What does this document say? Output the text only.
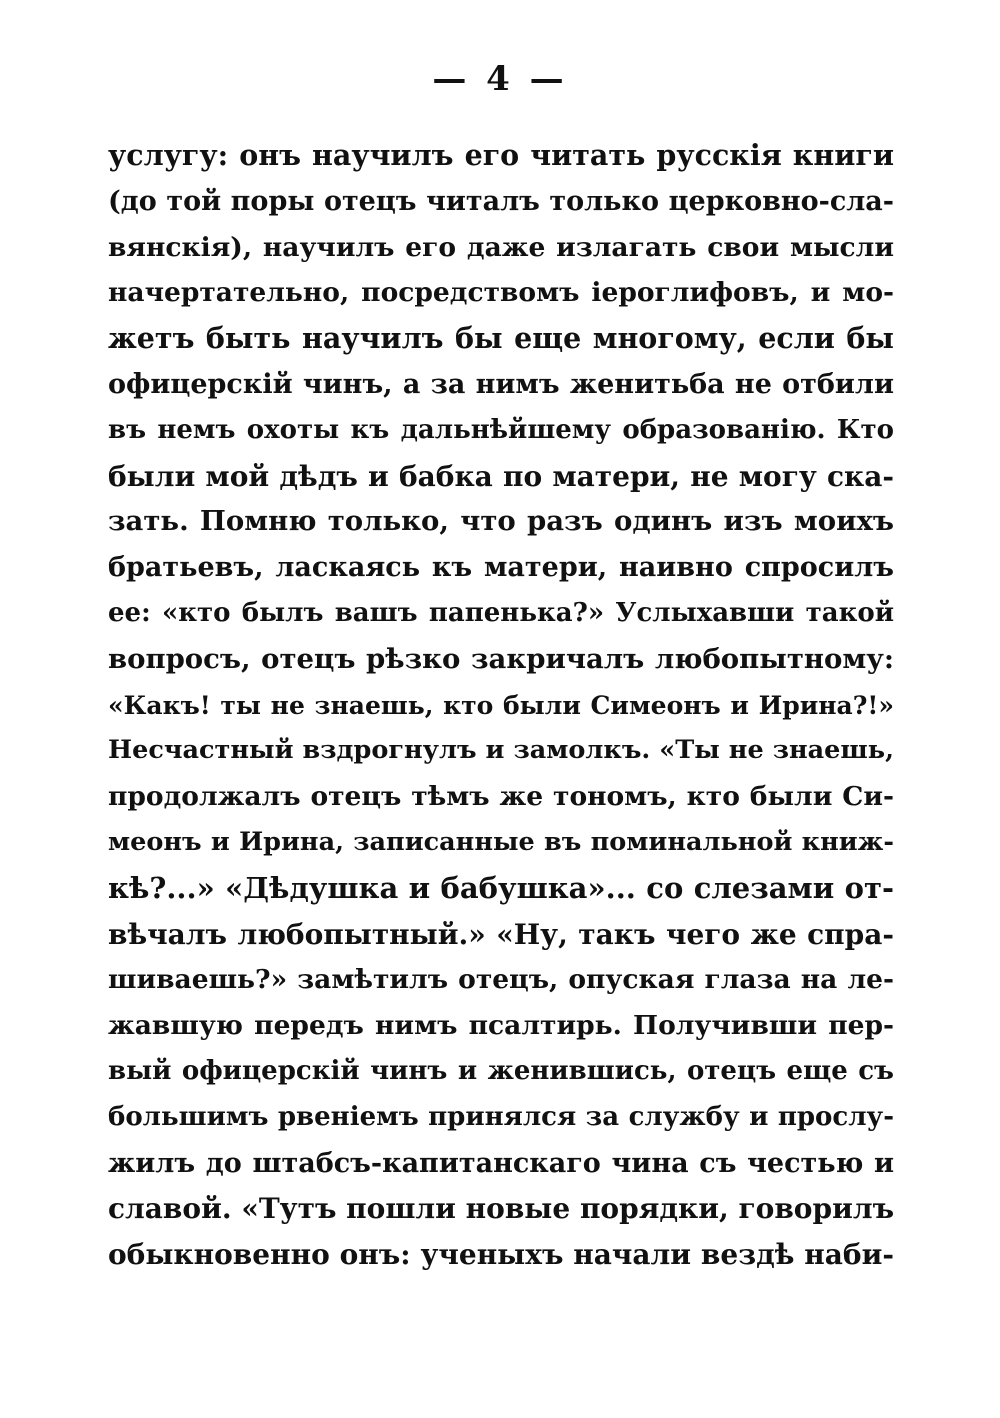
— 4 —
услугу: онъ научилъ его читать русскія книги
(до той поры отецъ читалъ только церковно-сла-
вянскія), научилъ его даже излагать свои мысли
начертательно, посредствомъ іероглифовъ, и мо-
жетъ быть научилъ бы еще многому, если бы
офицерскій чинъ, а за нимъ женитьба не отбили
въ немъ охоты къ дальнѣйшему образованію. Кто
были мой дѣдъ и бабка по матери, не могу ска-
зать. Помню только, что разъ одинъ изъ моихъ
братьевъ, ласкаясь къ матери, наивно спросилъ
ее: «кто былъ вашъ папенька?» Услыхавши такой
вопросъ, отецъ рѣзко закричалъ любопытному:
«Какъ! ты не знаешь, кто были Симеонъ и Ирина?!»
Несчастный вздрогнулъ и замолкъ. «Ты не знаешь,
продолжалъ отецъ тѣмъ же тономъ, кто были Си-
меонъ и Ирина, записанные въ поминальной книж-
кѣ?...» «Дѣдушка и бабушка»... со слезами от-
вѣчалъ любопытный.» «Ну, такъ чего же спра-
шиваешь?» замѣтилъ отецъ, опуская глаза на ле-
жавшую передъ нимъ псалтирь. Получивши пер-
вый офицерскій чинъ и женившись, отецъ еще съ
большимъ рвеніемъ принялся за службу и прослу-
жилъ до штабсъ-капитанскаго чина съ честью и
славой. «Тутъ пошли новые порядки, говорилъ
обыкновенно онъ: ученыхъ начали вездѣ наби-
